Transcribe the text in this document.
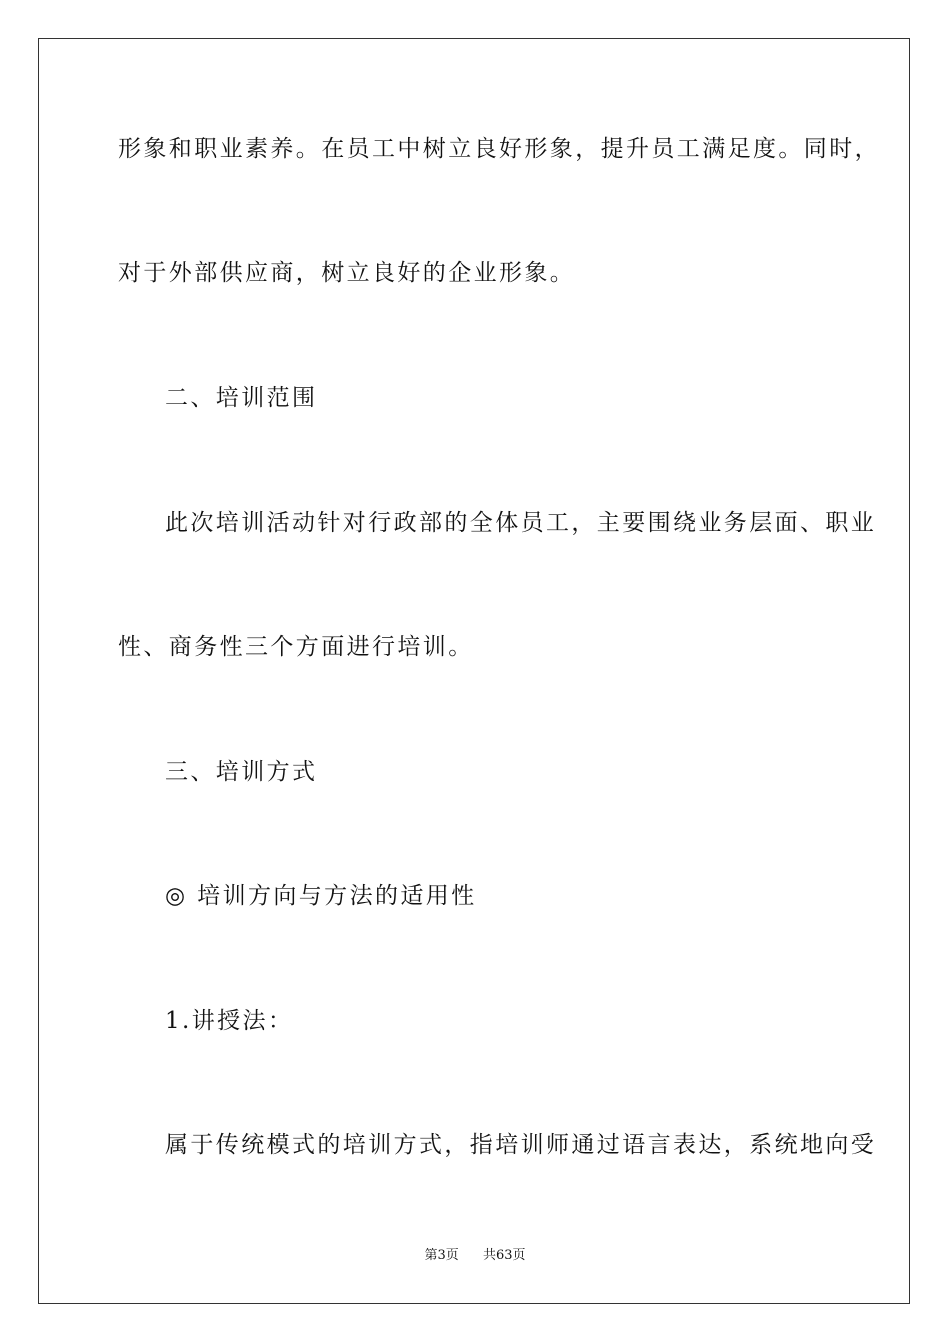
形象和职业素养。在员工中树立良好形象，提升员工满足度。同时，
对于外部供应商，树立良好的企业形象。
二、培训范围
此次培训活动针对行政部的全体员工，主要围绕业务层面、职业
性、商务性三个方面进行培训。
三、培训方式
◎ 培训方向与方法的适用性
1.讲授法：
属于传统模式的培训方式，指培训师通过语言表达，系统地向受
第3页 共63页
